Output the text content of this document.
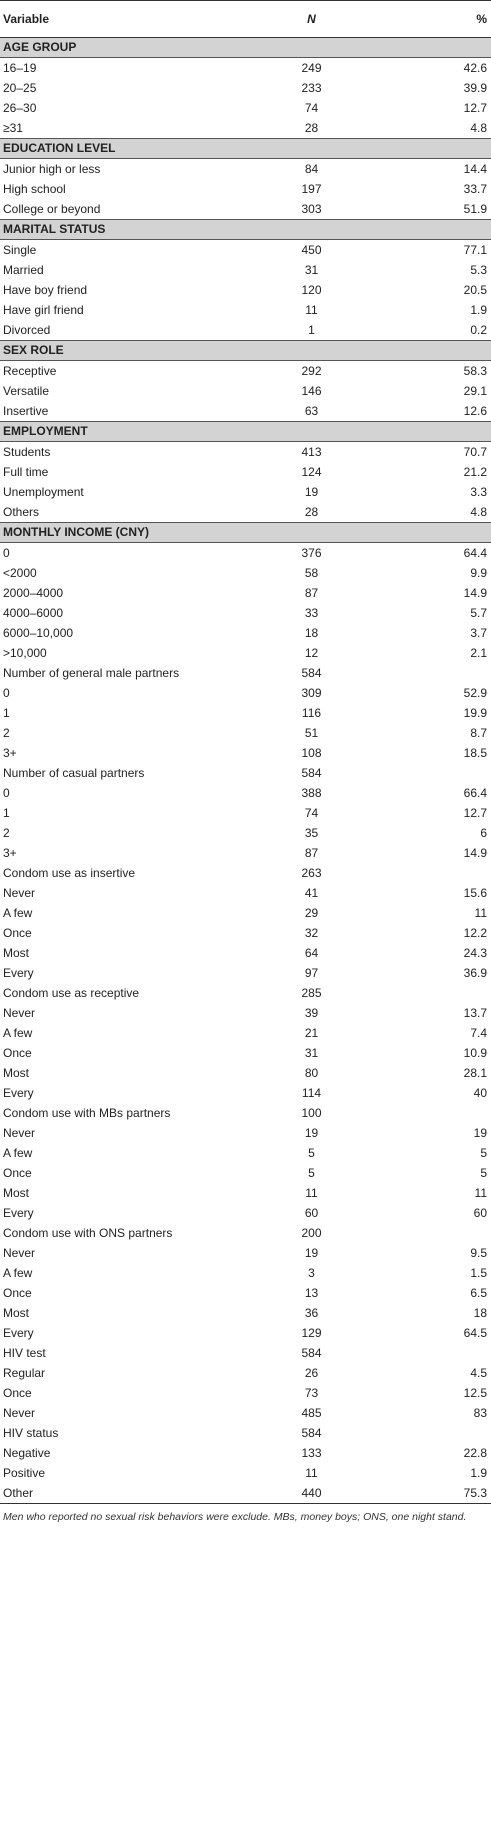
Variable	N	%
AGE GROUP		
16–19	249	42.6
20–25	233	39.9
26–30	74	12.7
≥31	28	4.8
EDUCATION LEVEL		
Junior high or less	84	14.4
High school	197	33.7
College or beyond	303	51.9
MARITAL STATUS		
Single	450	77.1
Married	31	5.3
Have boy friend	120	20.5
Have girl friend	11	1.9
Divorced	1	0.2
SEX ROLE		
Receptive	292	58.3
Versatile	146	29.1
Insertive	63	12.6
EMPLOYMENT		
Students	413	70.7
Full time	124	21.2
Unemployment	19	3.3
Others	28	4.8
MONTHLY INCOME (CNY)		
0	376	64.4
<2000	58	9.9
2000–4000	87	14.9
4000–6000	33	5.7
6000–10,000	18	3.7
>10,000	12	2.1
Number of general male partners	584	
0	309	52.9
1	116	19.9
2	51	8.7
3+	108	18.5
Number of casual partners	584	
0	388	66.4
1	74	12.7
2	35	6
3+	87	14.9
Condom use as insertive	263	
Never	41	15.6
A few	29	11
Once	32	12.2
Most	64	24.3
Every	97	36.9
Condom use as receptive	285	
Never	39	13.7
A few	21	7.4
Once	31	10.9
Most	80	28.1
Every	114	40
Condom use with MBs partners	100	
Never	19	19
A few	5	5
Once	5	5
Most	11	11
Every	60	60
Condom use with ONS partners	200	
Never	19	9.5
A few	3	1.5
Once	13	6.5
Most	36	18
Every	129	64.5
HIV test	584	
Regular	26	4.5
Once	73	12.5
Never	485	83
HIV status	584	
Negative	133	22.8
Positive	11	1.9
Other	440	75.3
Men who reported no sexual risk behaviors were exclude. MBs, money boys; ONS, one night stand.
